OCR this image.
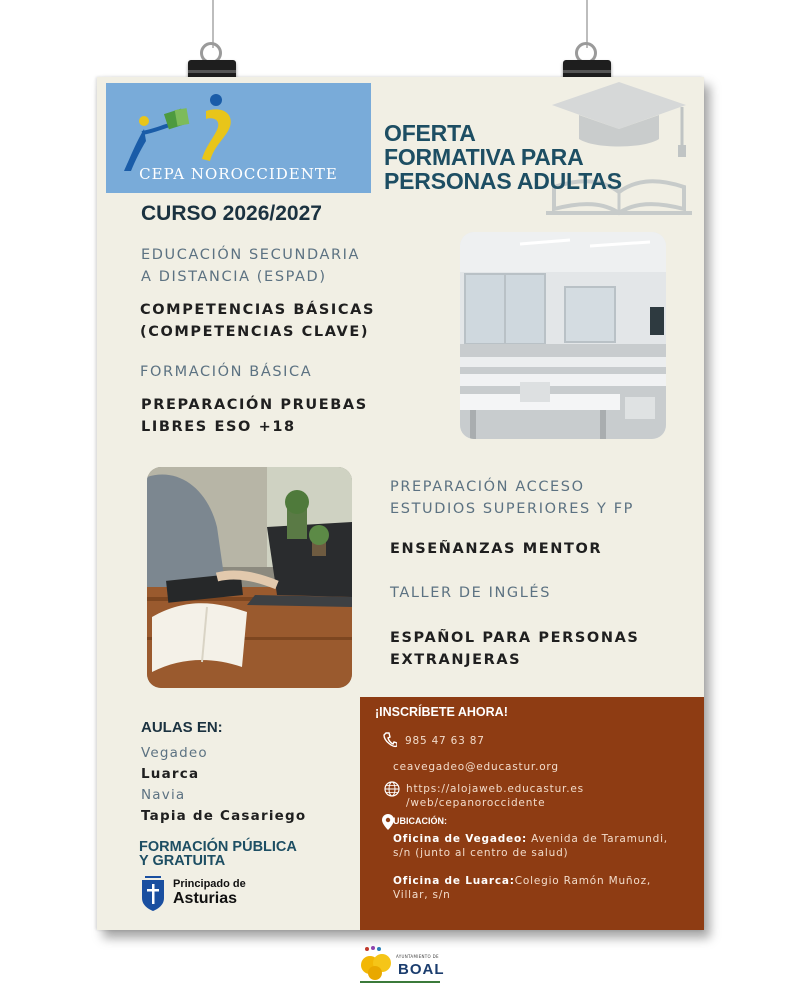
CEPA NOROCCIDENTE
OFERTA
FORMATIVA PARA
PERSONAS ADULTAS
CURSO 2026/2027
EDUCACIÓN SECUNDARIA
A DISTANCIA (ESPAD)
COMPETENCIAS BÁSICAS
(COMPETENCIAS CLAVE)
FORMACIÓN BÁSICA
PREPARACIÓN PRUEBAS
LIBRES ESO +18
PREPARACIÓN ACCESO
ESTUDIOS SUPERIORES Y FP
ENSEÑANZAS MENTOR
TALLER DE INGLÉS
ESPAÑOL PARA PERSONAS
EXTRANJERAS
AULAS EN:
Vegadeo
Luarca
Navia
Tapia de Casariego
FORMACIÓN PÚBLICA
Y GRATUITA
Principado de
Asturias
¡INSCRÍBETE AHORA!
985 47 63 87
ceavegadeo@educastur.org
https://alojaweb.educastur.es
/web/cepanoroccidente
UBICACIÓN:
Oficina de Vegadeo: Avenida de Taramundi,
s/n (junto al centro de salud)
Oficina de Luarca:Colegio Ramón Muñoz,
Villar, s/n
AYUNTAMIENTO DE
BOAL
